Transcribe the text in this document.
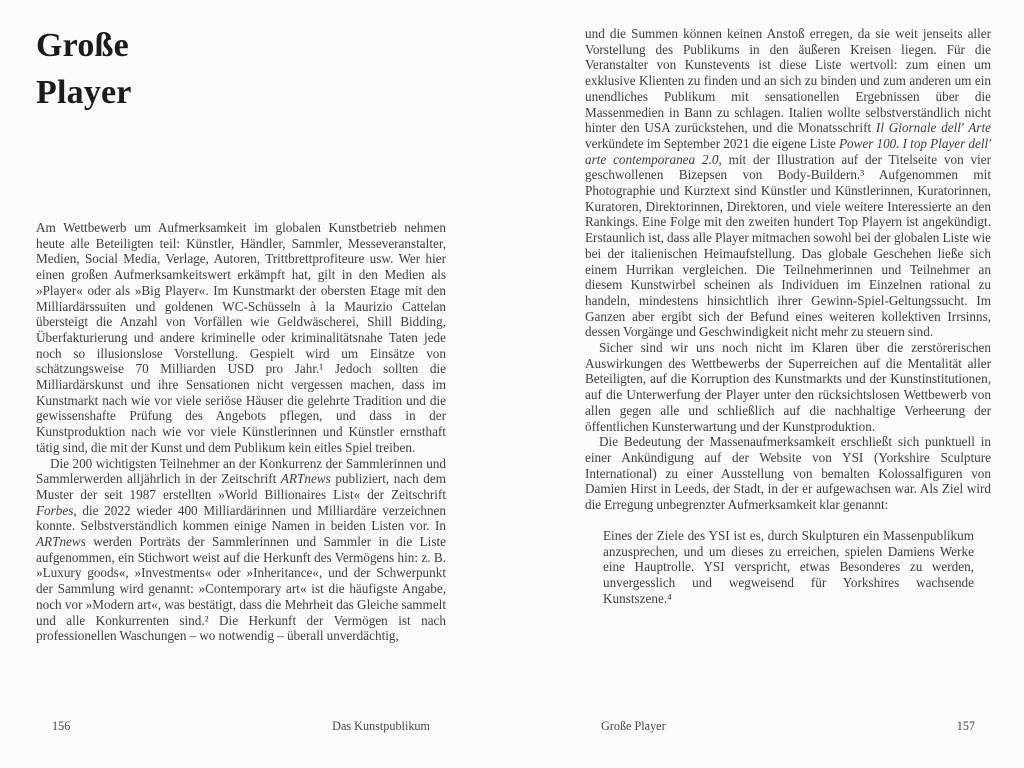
Große
Player

Am Wettbewerb um Aufmerksamkeit im globalen Kunstbetrieb nehmen heute alle Beteiligten teil: Künstler, Händler, Sammler, Messeveranstalter, Medien, Social Media, Verlage, Autoren, Trittbrettprofiteure usw. Wer hier einen großen Aufmerksamkeitswert erkämpft hat, gilt in den Medien als »Player« oder als »Big Player«. Im Kunstmarkt der obersten Etage mit den Milliardärssuiten und goldenen WC-Schüsseln à la Maurizio Cattelan übersteigt die Anzahl von Vorfällen wie Geldwäscherei, Shill Bidding, Überfakturierung und andere kriminelle oder kriminalitätsnahe Taten jede noch so illusionslose Vorstellung. Gespielt wird um Einsätze von schätzungsweise 70 Milliarden USD pro Jahr.¹ Jedoch sollten die Milliardärskunst und ihre Sensationen nicht vergessen machen, dass im Kunstmarkt nach wie vor viele seriöse Häuser die gelehrte Tradition und die gewissenshafte Prüfung des Angebots pflegen, und dass in der Kunstproduktion nach wie vor viele Künstlerinnen und Künstler ernsthaft tätig sind, die mit der Kunst und dem Publikum kein eitles Spiel treiben.

Die 200 wichtigsten Teilnehmer an der Konkurrenz der Sammlerinnen und Sammlerwerden alljährlich in der Zeitschrift ARTnews publiziert, nach dem Muster der seit 1987 erstellten »World Billionaires List« der Zeitschrift Forbes, die 2022 wieder 400 Milliardärinnen und Milliardäre verzeichnen konnte. Selbstverständlich kommen einige Namen in beiden Listen vor. In ARTnews werden Porträts der Sammlerinnen und Sammler in die Liste aufgenommen, ein Stichwort weist auf die Herkunft des Vermögens hin: z. B. »Luxury goods«, »Investments« oder »Inheritance«, und der Schwerpunkt der Sammlung wird genannt: »Contemporary art« ist die häufigste Angabe, noch vor »Modern art«, was bestätigt, dass die Mehrheit das Gleiche sammelt und alle Konkurrenten sind.² Die Herkunft der Vermögen ist nach professionellen Waschungen – wo notwendig – überall unverdächtig,

156	Das Kunstpublikum

und die Summen können keinen Anstoß erregen, da sie weit jenseits aller Vorstellung des Publikums in den äußeren Kreisen liegen. Für die Veranstalter von Kunstevents ist diese Liste wertvoll: zum einen um exklusive Klienten zu finden und an sich zu binden und zum anderen um ein unendliches Publikum mit sensationellen Ergebnissen über die Massenmedien in Bann zu schlagen. Italien wollte selbstverständlich nicht hinter den USA zurückstehen, und die Monatsschrift Il Giornale dell' Arte verkündete im September 2021 die eigene Liste Power 100. I top Player dell' arte contemporanea 2.0, mit der Illustration auf der Titelseite von vier geschwollenen Bizepsen von Body-Buildern.³ Aufgenommen mit Photographie und Kurztext sind Künstler und Künstlerinnen, Kuratorinnen, Kuratoren, Direktorinnen, Direktoren, und viele weitere Interessierte an den Rankings. Eine Folge mit den zweiten hundert Top Playern ist angekündigt. Erstaunlich ist, dass alle Player mitmachen sowohl bei der globalen Liste wie bei der italienischen Heimaufstellung. Das globale Geschehen ließe sich einem Hurrikan vergleichen. Die Teilnehmerinnen und Teilnehmer an diesem Kunstwirbel scheinen als Individuen im Einzelnen rational zu handeln, mindestens hinsichtlich ihrer Gewinn-Spiel-Geltungssucht. Im Ganzen aber ergibt sich der Befund eines weiteren kollektiven Irrsinns, dessen Vorgänge und Geschwindigkeit nicht mehr zu steuern sind.

Sicher sind wir uns noch nicht im Klaren über die zerstörerischen Auswirkungen des Wettbewerbs der Superreichen auf die Mentalität aller Beteiligten, auf die Korruption des Kunstmarkts und der Kunstinstitutionen, auf die Unterwerfung der Player unter den rücksichtslosen Wettbewerb von allen gegen alle und schließlich auf die nachhaltige Verheerung der öffentlichen Kunsterwartung und der Kunstproduktion.

Die Bedeutung der Massenaufmerksamkeit erschließt sich punktuell in einer Ankündigung auf der Website von YSI (Yorkshire Sculpture International) zu einer Ausstellung von bemalten Kolossalfiguren von Damien Hirst in Leeds, der Stadt, in der er aufgewachsen war. Als Ziel wird die Erregung unbegrenzter Aufmerksamkeit klar genannt:

Eines der Ziele des YSI ist es, durch Skulpturen ein Massenpublikum anzusprechen, und um dieses zu erreichen, spielen Damiens Werke eine Hauptrolle. YSI verspricht, etwas Besonderes zu werden, unvergesslich und wegweisend für Yorkshires wachsende Kunstszene.⁴
Große Player	157
